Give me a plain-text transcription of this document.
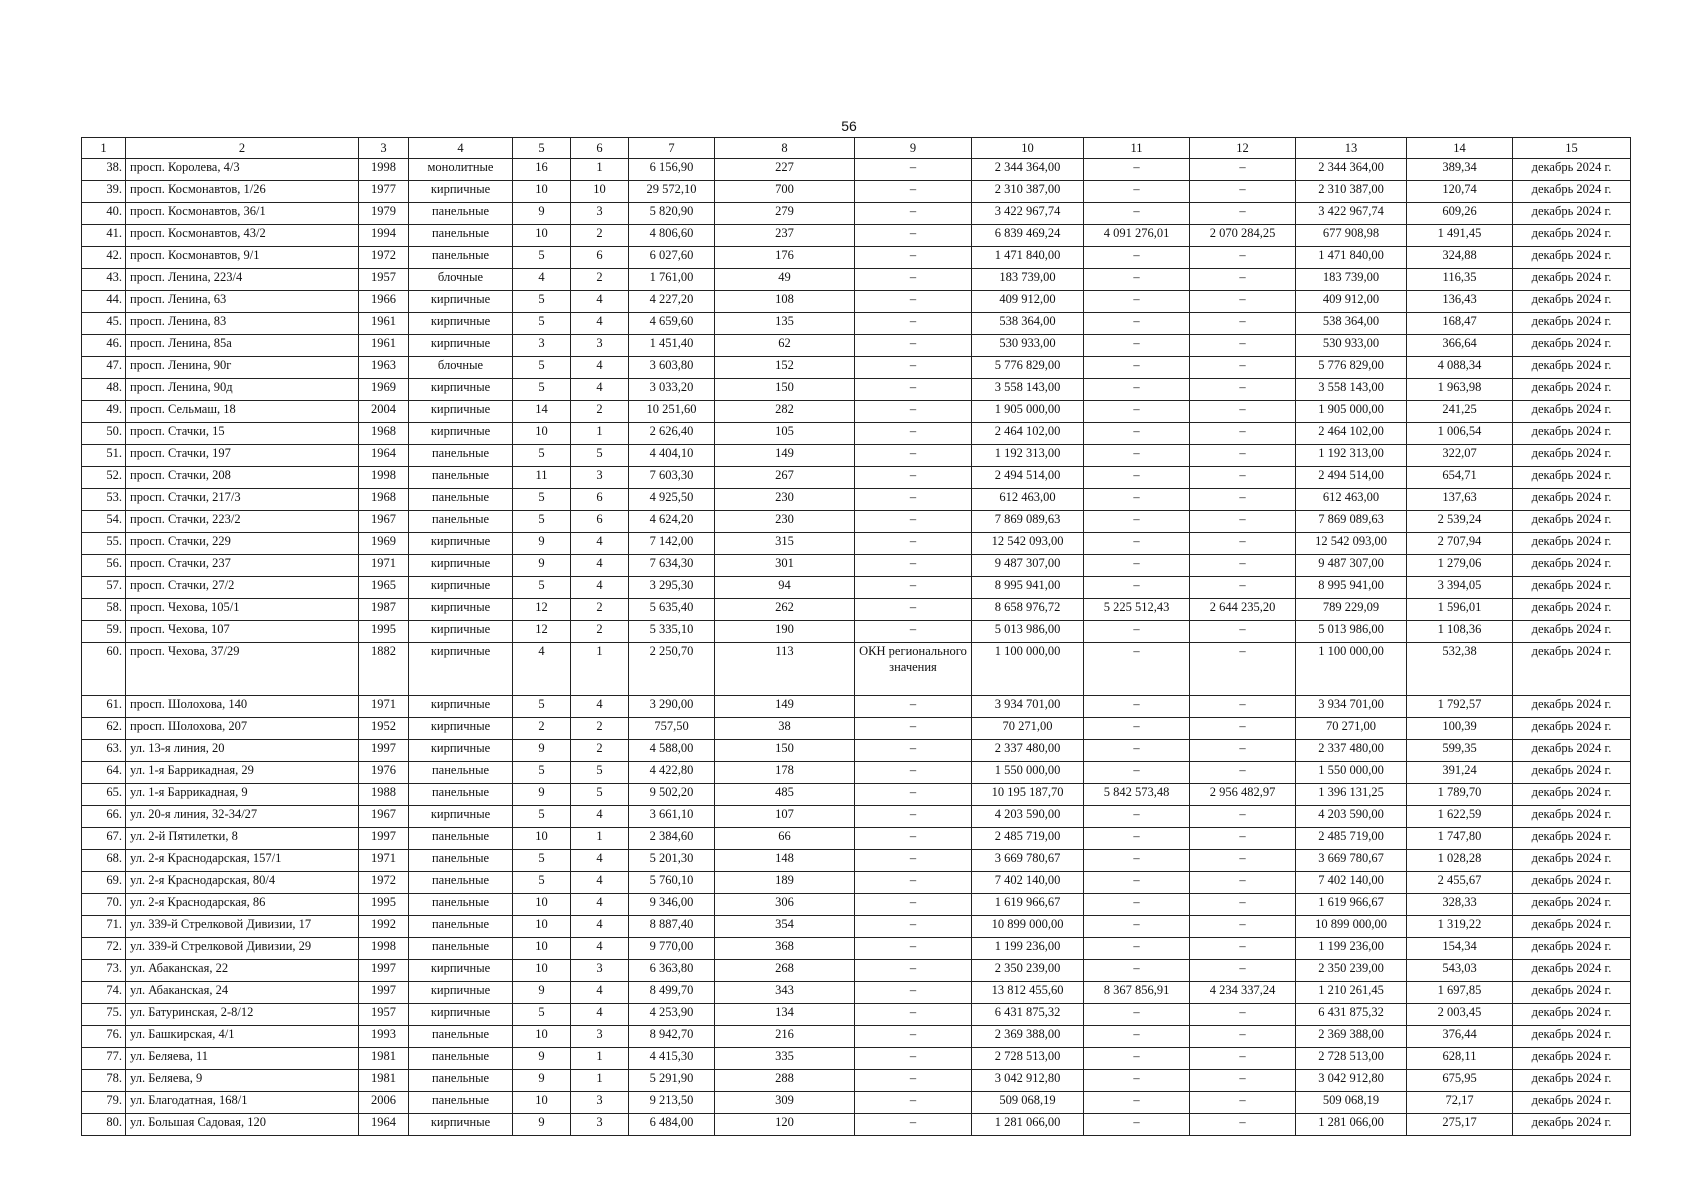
56
1	2	3	4	5	6	7	8	9	10	11	12	13	14	15
38.	просп. Королева, 4/3	1998	монолитные	16	1	6 156,90	227	–	2 344 364,00	–	–	2 344 364,00	389,34	декабрь 2024 г.
39.	просп. Космонавтов, 1/26	1977	кирпичные	10	10	29 572,10	700	–	2 310 387,00	–	–	2 310 387,00	120,74	декабрь 2024 г.
40.	просп. Космонавтов, 36/1	1979	панельные	9	3	5 820,90	279	–	3 422 967,74	–	–	3 422 967,74	609,26	декабрь 2024 г.
41.	просп. Космонавтов, 43/2	1994	панельные	10	2	4 806,60	237	–	6 839 469,24	4 091 276,01	2 070 284,25	677 908,98	1 491,45	декабрь 2024 г.
42.	просп. Космонавтов, 9/1	1972	панельные	5	6	6 027,60	176	–	1 471 840,00	–	–	1 471 840,00	324,88	декабрь 2024 г.
43.	просп. Ленина, 223/4	1957	блочные	4	2	1 761,00	49	–	183 739,00	–	–	183 739,00	116,35	декабрь 2024 г.
44.	просп. Ленина, 63	1966	кирпичные	5	4	4 227,20	108	–	409 912,00	–	–	409 912,00	136,43	декабрь 2024 г.
45.	просп. Ленина, 83	1961	кирпичные	5	4	4 659,60	135	–	538 364,00	–	–	538 364,00	168,47	декабрь 2024 г.
46.	просп. Ленина, 85а	1961	кирпичные	3	3	1 451,40	62	–	530 933,00	–	–	530 933,00	366,64	декабрь 2024 г.
47.	просп. Ленина, 90г	1963	блочные	5	4	3 603,80	152	–	5 776 829,00	–	–	5 776 829,00	4 088,34	декабрь 2024 г.
48.	просп. Ленина, 90д	1969	кирпичные	5	4	3 033,20	150	–	3 558 143,00	–	–	3 558 143,00	1 963,98	декабрь 2024 г.
49.	просп. Сельмаш, 18	2004	кирпичные	14	2	10 251,60	282	–	1 905 000,00	–	–	1 905 000,00	241,25	декабрь 2024 г.
50.	просп. Стачки, 15	1968	кирпичные	10	1	2 626,40	105	–	2 464 102,00	–	–	2 464 102,00	1 006,54	декабрь 2024 г.
51.	просп. Стачки, 197	1964	панельные	5	5	4 404,10	149	–	1 192 313,00	–	–	1 192 313,00	322,07	декабрь 2024 г.
52.	просп. Стачки, 208	1998	панельные	11	3	7 603,30	267	–	2 494 514,00	–	–	2 494 514,00	654,71	декабрь 2024 г.
53.	просп. Стачки, 217/3	1968	панельные	5	6	4 925,50	230	–	612 463,00	–	–	612 463,00	137,63	декабрь 2024 г.
54.	просп. Стачки, 223/2	1967	панельные	5	6	4 624,20	230	–	7 869 089,63	–	–	7 869 089,63	2 539,24	декабрь 2024 г.
55.	просп. Стачки, 229	1969	кирпичные	9	4	7 142,00	315	–	12 542 093,00	–	–	12 542 093,00	2 707,94	декабрь 2024 г.
56.	просп. Стачки, 237	1971	кирпичные	9	4	7 634,30	301	–	9 487 307,00	–	–	9 487 307,00	1 279,06	декабрь 2024 г.
57.	просп. Стачки, 27/2	1965	кирпичные	5	4	3 295,30	94	–	8 995 941,00	–	–	8 995 941,00	3 394,05	декабрь 2024 г.
58.	просп. Чехова, 105/1	1987	кирпичные	12	2	5 635,40	262	–	8 658 976,72	5 225 512,43	2 644 235,20	789 229,09	1 596,01	декабрь 2024 г.
59.	просп. Чехова, 107	1995	кирпичные	12	2	5 335,10	190	–	5 013 986,00	–	–	5 013 986,00	1 108,36	декабрь 2024 г.
60.	просп. Чехова, 37/29	1882	кирпичные	4	1	2 250,70	113	ОКН регионального значения	1 100 000,00	–	–	1 100 000,00	532,38	декабрь 2024 г.
61.	просп. Шолохова, 140	1971	кирпичные	5	4	3 290,00	149	–	3 934 701,00	–	–	3 934 701,00	1 792,57	декабрь 2024 г.
62.	просп. Шолохова, 207	1952	кирпичные	2	2	757,50	38	–	70 271,00	–	–	70 271,00	100,39	декабрь 2024 г.
63.	ул. 13-я линия, 20	1997	кирпичные	9	2	4 588,00	150	–	2 337 480,00	–	–	2 337 480,00	599,35	декабрь 2024 г.
64.	ул. 1-я Баррикадная, 29	1976	панельные	5	5	4 422,80	178	–	1 550 000,00	–	–	1 550 000,00	391,24	декабрь 2024 г.
65.	ул. 1-я Баррикадная, 9	1988	панельные	9	5	9 502,20	485	–	10 195 187,70	5 842 573,48	2 956 482,97	1 396 131,25	1 789,70	декабрь 2024 г.
66.	ул. 20-я линия, 32-34/27	1967	кирпичные	5	4	3 661,10	107	–	4 203 590,00	–	–	4 203 590,00	1 622,59	декабрь 2024 г.
67.	ул. 2-й Пятилетки, 8	1997	панельные	10	1	2 384,60	66	–	2 485 719,00	–	–	2 485 719,00	1 747,80	декабрь 2024 г.
68.	ул. 2-я Краснодарская, 157/1	1971	панельные	5	4	5 201,30	148	–	3 669 780,67	–	–	3 669 780,67	1 028,28	декабрь 2024 г.
69.	ул. 2-я Краснодарская, 80/4	1972	панельные	5	4	5 760,10	189	–	7 402 140,00	–	–	7 402 140,00	2 455,67	декабрь 2024 г.
70.	ул. 2-я Краснодарская, 86	1995	панельные	10	4	9 346,00	306	–	1 619 966,67	–	–	1 619 966,67	328,33	декабрь 2024 г.
71.	ул. 339-й Стрелковой Дивизии, 17	1992	панельные	10	4	8 887,40	354	–	10 899 000,00	–	–	10 899 000,00	1 319,22	декабрь 2024 г.
72.	ул. 339-й Стрелковой Дивизии, 29	1998	панельные	10	4	9 770,00	368	–	1 199 236,00	–	–	1 199 236,00	154,34	декабрь 2024 г.
73.	ул. Абаканская, 22	1997	кирпичные	10	3	6 363,80	268	–	2 350 239,00	–	–	2 350 239,00	543,03	декабрь 2024 г.
74.	ул. Абаканская, 24	1997	кирпичные	9	4	8 499,70	343	–	13 812 455,60	8 367 856,91	4 234 337,24	1 210 261,45	1 697,85	декабрь 2024 г.
75.	ул. Батуринская, 2-8/12	1957	кирпичные	5	4	4 253,90	134	–	6 431 875,32	–	–	6 431 875,32	2 003,45	декабрь 2024 г.
76.	ул. Башкирская, 4/1	1993	панельные	10	3	8 942,70	216	–	2 369 388,00	–	–	2 369 388,00	376,44	декабрь 2024 г.
77.	ул. Беляева, 11	1981	панельные	9	1	4 415,30	335	–	2 728 513,00	–	–	2 728 513,00	628,11	декабрь 2024 г.
78.	ул. Беляева, 9	1981	панельные	9	1	5 291,90	288	–	3 042 912,80	–	–	3 042 912,80	675,95	декабрь 2024 г.
79.	ул. Благодатная, 168/1	2006	панельные	10	3	9 213,50	309	–	509 068,19	–	–	509 068,19	72,17	декабрь 2024 г.
80.	ул. Большая Садовая, 120	1964	кирпичные	9	3	6 484,00	120	–	1 281 066,00	–	–	1 281 066,00	275,17	декабрь 2024 г.
